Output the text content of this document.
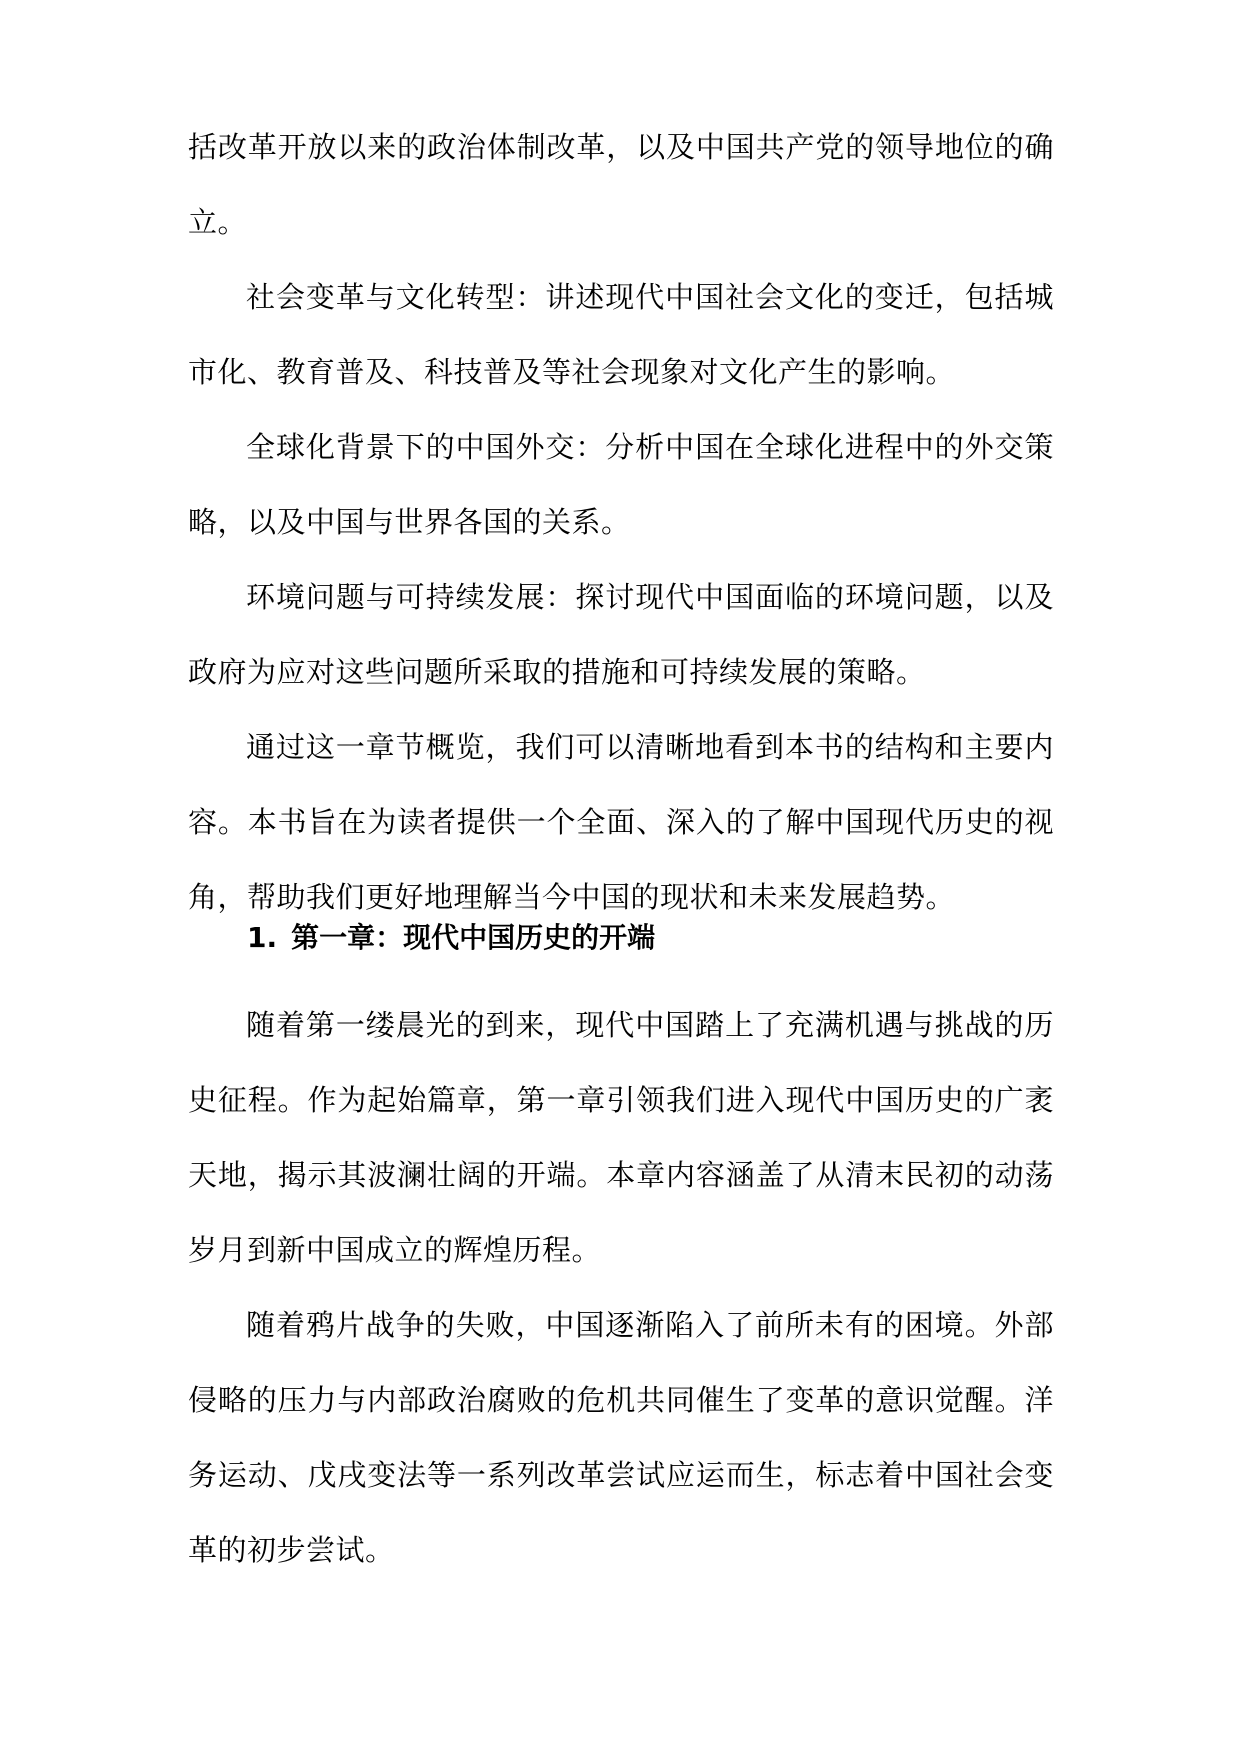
括改革开放以来的政治体制改革，以及中国共产党的领导地位的确立。

社会变革与文化转型：讲述现代中国社会文化的变迁，包括城市化、教育普及、科技普及等社会现象对文化产生的影响。

全球化背景下的中国外交：分析中国在全球化进程中的外交策略，以及中国与世界各国的关系。

环境问题与可持续发展：探讨现代中国面临的环境问题，以及政府为应对这些问题所采取的措施和可持续发展的策略。

通过这一章节概览，我们可以清晰地看到本书的结构和主要内容。本书旨在为读者提供一个全面、深入的了解中国现代历史的视角，帮助我们更好地理解当今中国的现状和未来发展趋势。

1. 第一章：现代中国历史的开端

随着第一缕晨光的到来，现代中国踏上了充满机遇与挑战的历史征程。作为起始篇章，第一章引领我们进入现代中国历史的广袤天地，揭示其波澜壮阔的开端。本章内容涵盖了从清末民初的动荡岁月到新中国成立的辉煌历程。

随着鸦片战争的失败，中国逐渐陷入了前所未有的困境。外部侵略的压力与内部政治腐败的危机共同催生了变革的意识觉醒。洋务运动、戊戌变法等一系列改革尝试应运而生，标志着中国社会变革的初步尝试。
